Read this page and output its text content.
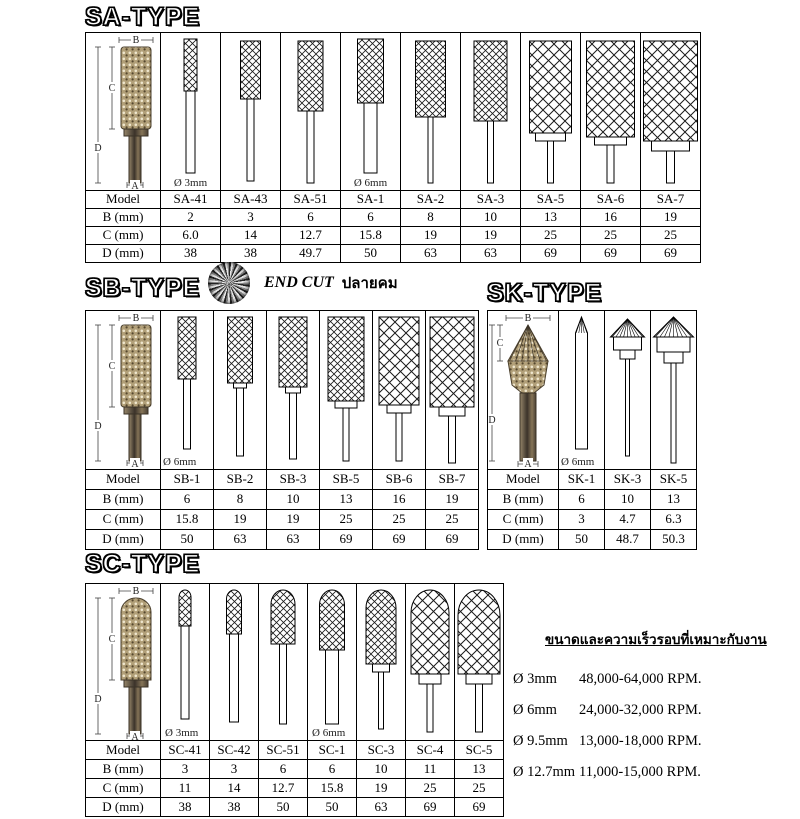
SA-TYPE
B
C
D
A	Ø 3mm			Ø 6mm

Model	SA-41	SA-43	SA-51	SA-1	SA-2	SA-3	SA-5	SA-6	SA-7
B (mm)	2	3	6	6	8	10	13	16	19
C (mm)	6.0	14	12.7	15.8	19	19	25	25	25
D (mm)	38	38	49.7	50	63	63	69	69	69
END CUT ปลายคม
SB-TYPE
B
C
D
A	Ø 6mm

Model	SB-1	SB-2	SB-3	SB-5	SB-6	SB-7
B (mm)	6	8	10	13	16	19
C (mm)	15.8	19	19	25	25	25
D (mm)	50	63	63	69	69	69
SK-TYPE
B
C
D
A	Ø 6mm

Model	SK-1	SK-3	SK-5
B (mm)	6	10	13
C (mm)	3	4.7	6.3
D (mm)	50	48.7	50.3
SC-TYPE
B
C
D
A	Ø 3mm			Ø 6mm

Model	SC-41	SC-42	SC-51	SC-1	SC-3	SC-4	SC-5
B (mm)	3	3	6	6	10	11	13
C (mm)	11	14	12.7	15.8	19	25	25
D (mm)	38	38	50	50	63	69	69

ขนาดและความเร็วรอบที่เหมาะกับงาน

Ø 3mm	48,000-64,000 RPM.
Ø 6mm	24,000-32,000 RPM.
Ø 9.5mm 13,000-18,000 RPM.
Ø 12.7mm 11,000-15,000 RPM.
